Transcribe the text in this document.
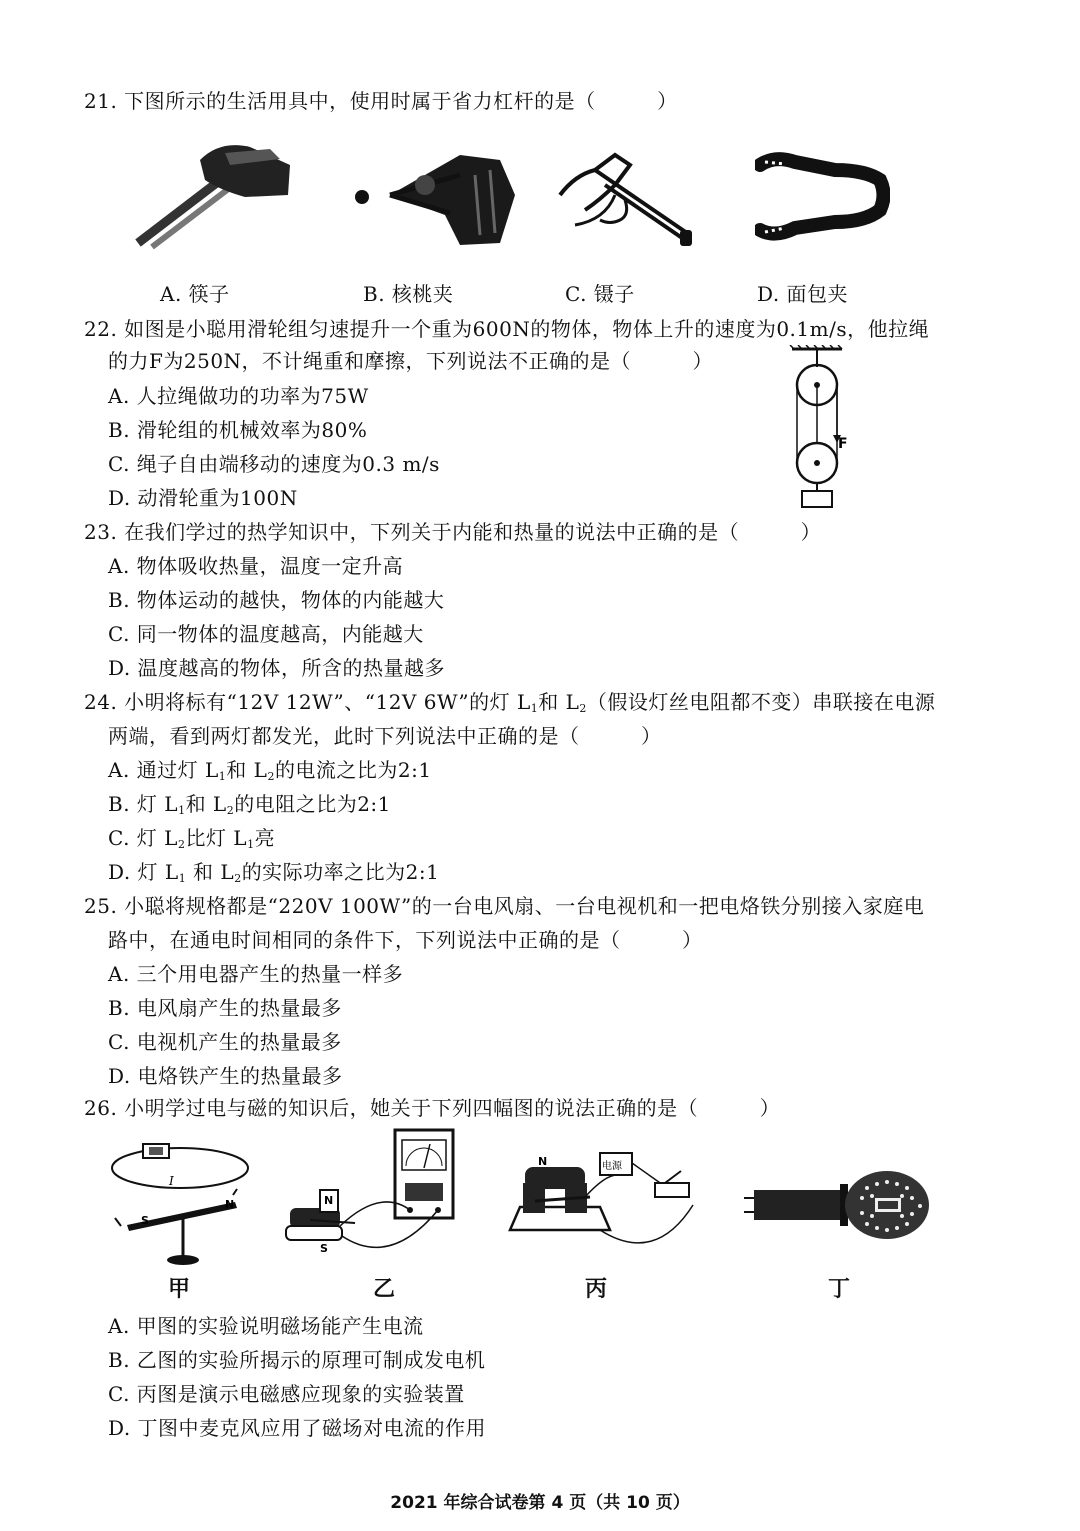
21. 下图所示的生活用具中，使用时属于省力杠杆的是（　　　）
A. 筷子	B. 核桃夹	C. 镊子	D. 面包夹
22. 如图是小聪用滑轮组匀速提升一个重为600N的物体，物体上升的速度为0.1m/s，他拉绳
的力F为250N，不计绳重和摩擦，下列说法不正确的是（　　　）
A. 人拉绳做功的功率为75W
B. 滑轮组的机械效率为80%
C. 绳子自由端移动的速度为0.3 m/s
D. 动滑轮重为100N
F
23. 在我们学过的热学知识中，下列关于内能和热量的说法中正确的是（　　　）
A. 物体吸收热量，温度一定升高
B. 物体运动的越快，物体的内能越大
C. 同一物体的温度越高，内能越大
D. 温度越高的物体，所含的热量越多
24. 小明将标有“12V 12W”、“12V 6W”的灯 $L_1$和 $L_2$（假设灯丝电阻都不变）串联接在电源
两端，看到两灯都发光，此时下列说法中正确的是（　　　）
A. 通过灯 $L_1$和 $L_2$的电流之比为2:1
B. 灯 $L_1$和 $L_2$的电阻之比为2:1
C. 灯 $L_2$比灯 $L_1$亮
D. 灯 $L_1$ 和 $L_2$的实际功率之比为2:1
25. 小聪将规格都是“220V 100W”的一台电风扇、一台电视机和一把电烙铁分别接入家庭电
路中，在通电时间相同的条件下，下列说法中正确的是（　　　）
A. 三个用电器产生的热量一样多
B. 电风扇产生的热量最多
C. 电视机产生的热量最多
D. 电烙铁产生的热量最多
26. 小明学过电与磁的知识后，她关于下列四幅图的说法正确的是（　　　）
I
N
S
甲
N
S
乙
N	电源
丙	丁
A. 甲图的实验说明磁场能产生电流
B. 乙图的实验所揭示的原理可制成发电机
C. 丙图是演示电磁感应现象的实验装置
D. 丁图中麦克风应用了磁场对电流的作用
2021 年综合试卷第 4 页（共 10 页）
